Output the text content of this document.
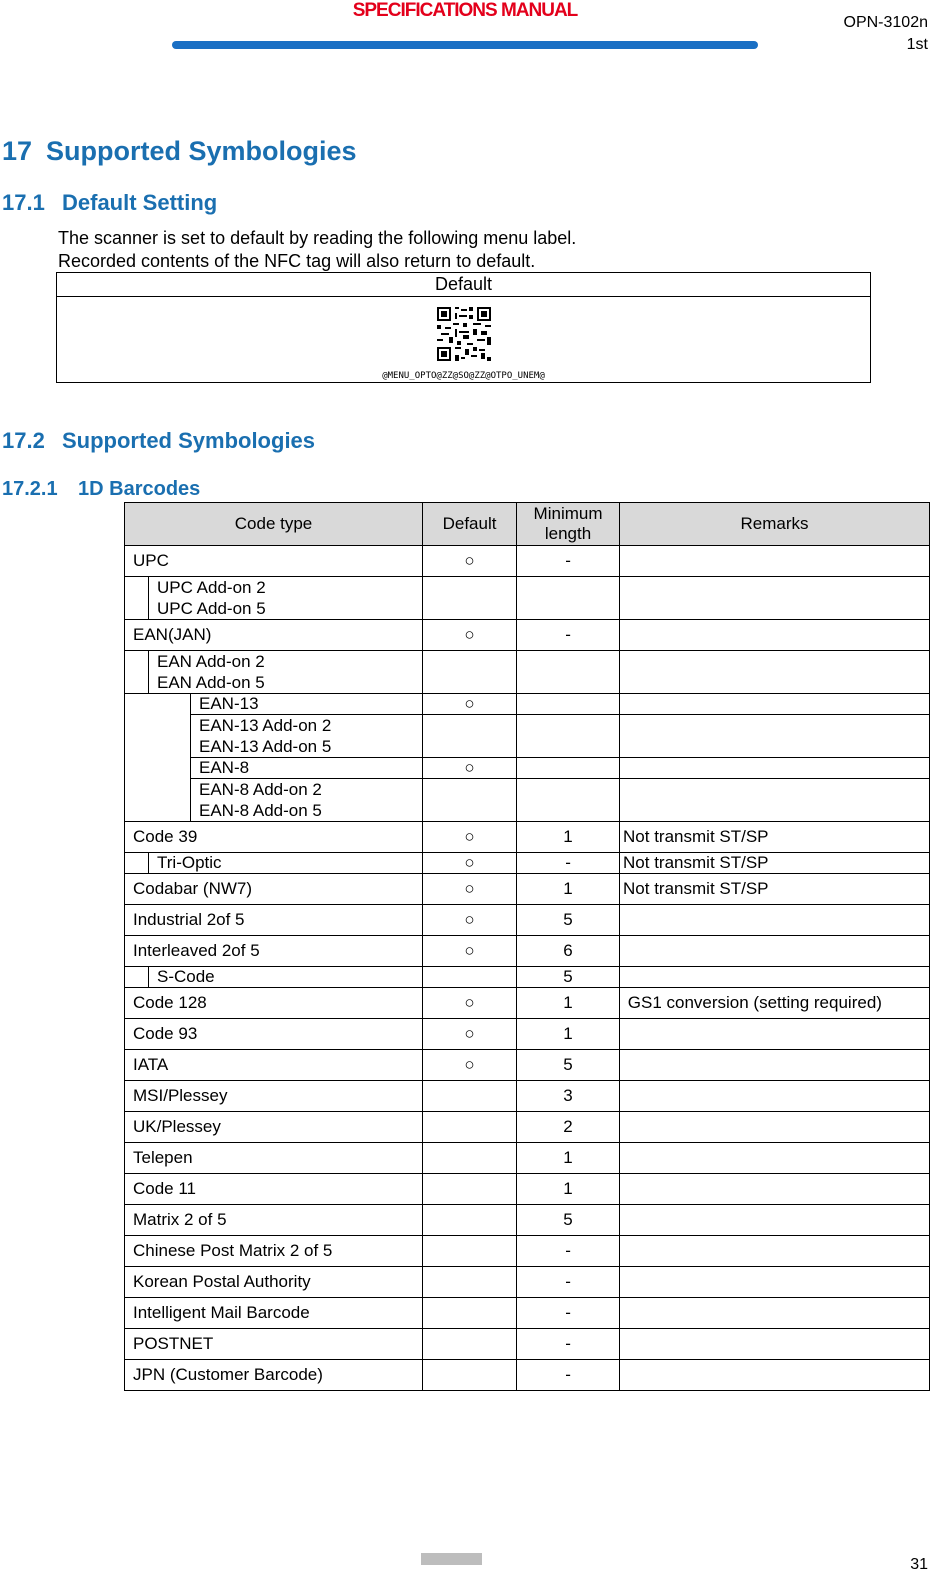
SPECIFICATIONS MANUAL
OPN-3102n
1st
17 Supported Symbologies
17.1 Default Setting
The scanner is set to default by reading the following menu label.
Recorded contents of the NFC tag will also return to default.
Default

@MENU_OPTO@ZZ@SO@ZZ@OTPO_UNEM@
17.2 Supported Symbologies
17.2.1 1D Barcodes
Code type			Default	Minimum length	Remarks
UPC			○	-	

	UPC Add-on 2
UPC Add-on 5				

EAN(JAN)			○	-	

	EAN Add-on 2
EAN Add-on 5				

		EAN-13	○		

		EAN-13 Add-on 2
EAN-13 Add-on 5			

		EAN-8	○		

		EAN-8 Add-on 2
EAN-8 Add-on 5			

Code 39			○	1	Not transmit ST/SP
	Tri-Optic		○	-	Not transmit ST/SP
Codabar (NW7)			○	1	Not transmit ST/SP
Industrial 2of 5			○	5	
Interleaved 2of 5			○	6	
	S-Code			5	
Code 128			○	1	GS1 conversion (setting required)
Code 93			○	1	
IATA			○	5	
MSI/Plessey				3	
UK/Plessey				2	
Telepen				1	
Code 11				1	
Matrix 2 of 5				5	
Chinese Post Matrix 2 of 5				-	
Korean Postal Authority				-	
Intelligent Mail Barcode				-	
POSTNET				-	
JPN (Customer Barcode)				-	
31
